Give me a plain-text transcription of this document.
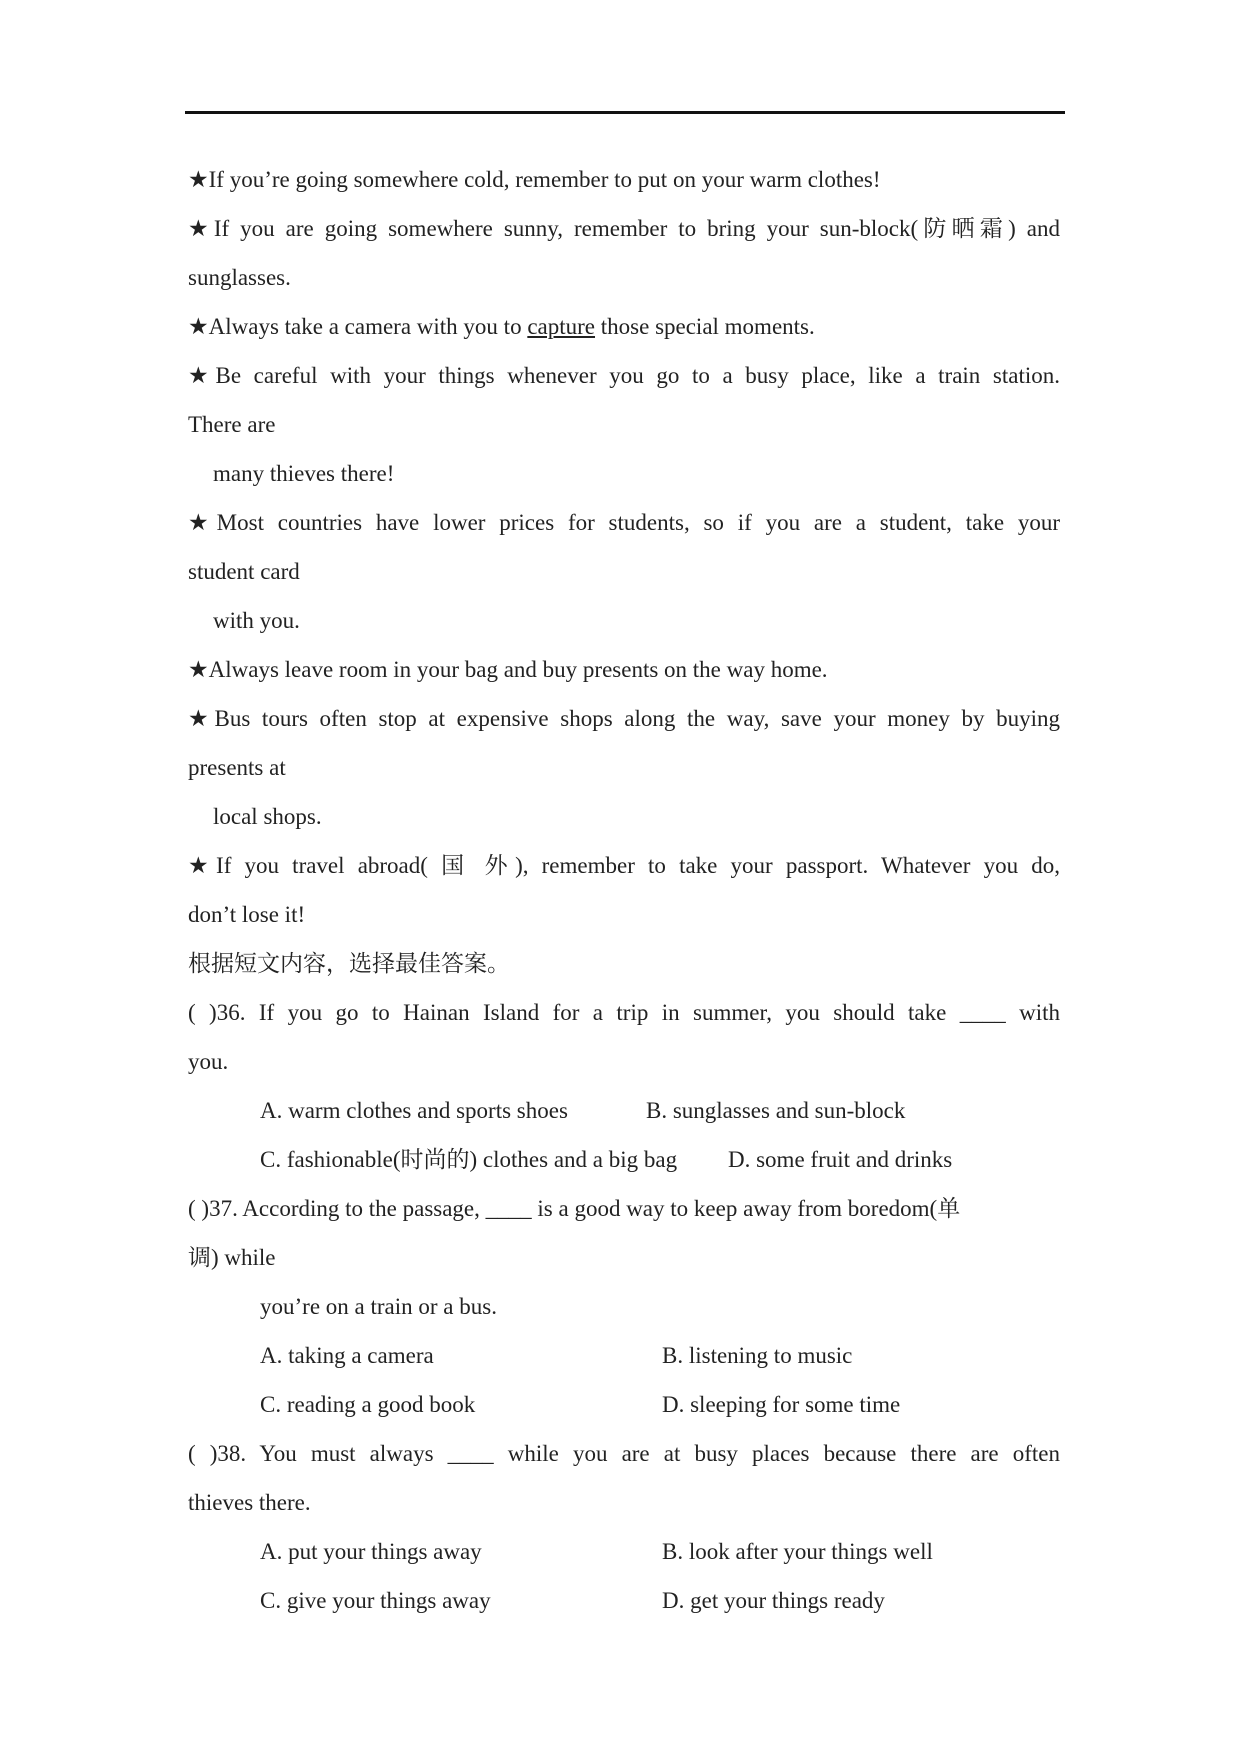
★If you’re going somewhere cold, remember to put on your warm clothes!
★If you are going somewhere sunny, remember to bring your sun-block(防晒霜) and
sunglasses.
★Always take a camera with you to capture those special moments.
★Be careful with your things whenever you go to a busy place, like a train station.
There are
many thieves there!
★Most countries have lower prices for students, so if you are a student, take your
student card
with you.
★Always leave room in your bag and buy presents on the way home.
★Bus tours often stop at expensive shops along the way, save your money by buying
presents at
local shops.
★If you travel abroad( 国 外), remember to take your passport. Whatever you do,
don’t lose it!
根据短文内容，选择最佳答案。
( )36. If you go to Hainan Island for a trip in summer, you should take ____ with
you.
A. warm clothes and sports shoes	B. sunglasses and sun-block
C. fashionable(时尚的) clothes and a big bag D. some fruit and drinks
( )37. According to the passage, ____ is a good way to keep away from boredom(单
调) while
you’re on a train or a bus.
A. taking a camera	B. listening to music
C. reading a good book	D. sleeping for some time
( )38. You must always ____ while you are at busy places because there are often
thieves there.
A. put your things away	B. look after your things well
C. give your things away	D. get your things ready
